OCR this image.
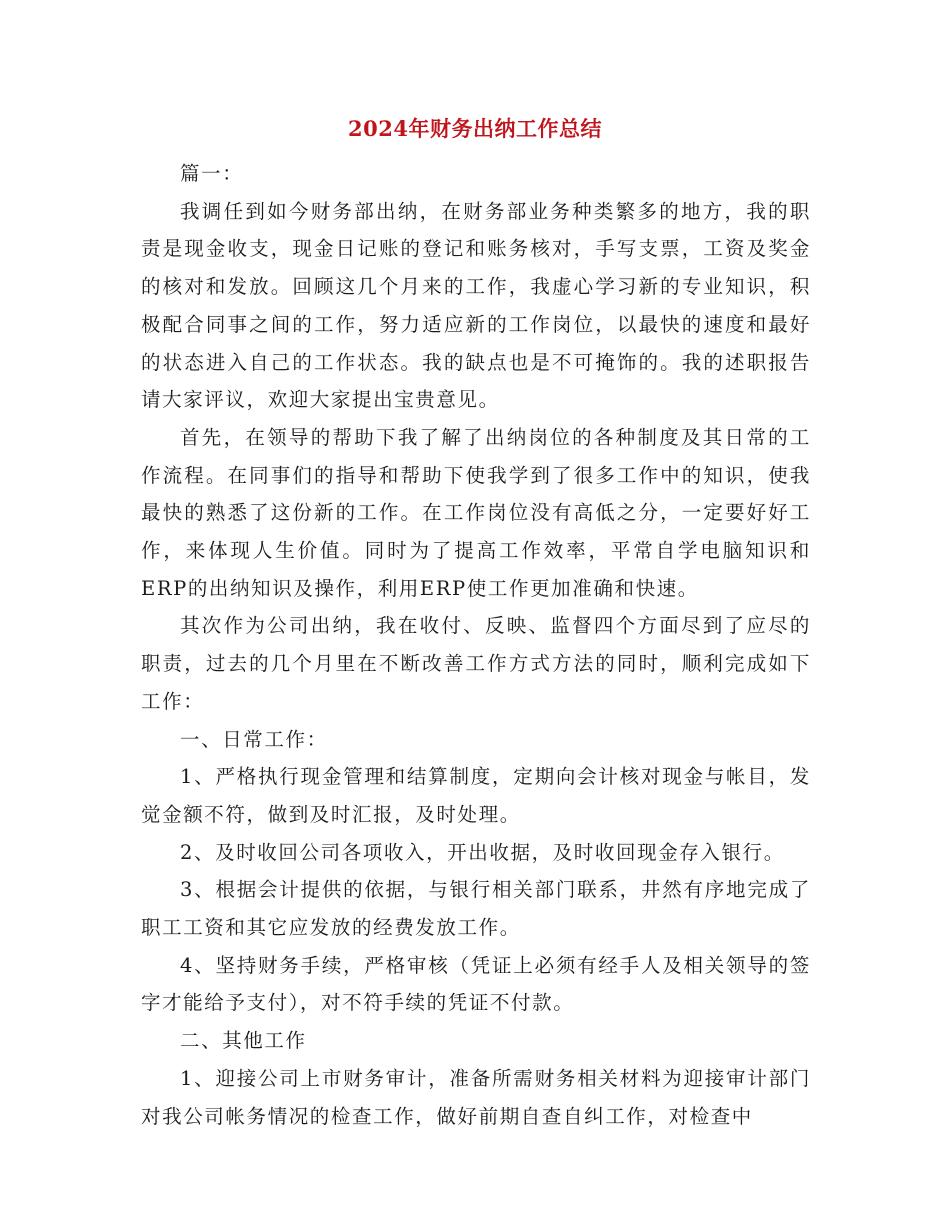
2024年财务出纳工作总结

篇一：

我调任到如今财务部出纳，在财务部业务种类繁多的地方，我的职责是现金收支，现金日记账的登记和账务核对，手写支票，工资及奖金的核对和发放。回顾这几个月来的工作，我虚心学习新的专业知识，积极配合同事之间的工作，努力适应新的工作岗位，以最快的速度和最好的状态进入自己的工作状态。我的缺点也是不可掩饰的。我的述职报告请大家评议，欢迎大家提出宝贵意见。

首先，在领导的帮助下我了解了出纳岗位的各种制度及其日常的工作流程。在同事们的指导和帮助下使我学到了很多工作中的知识，使我最快的熟悉了这份新的工作。在工作岗位没有高低之分，一定要好好工作，来体现人生价值。同时为了提高工作效率，平常自学电脑知识和ERP的出纳知识及操作，利用ERP使工作更加准确和快速。

其次作为公司出纳，我在收付、反映、监督四个方面尽到了应尽的职责，过去的几个月里在不断改善工作方式方法的同时，顺利完成如下工作：

一、日常工作：

1、严格执行现金管理和结算制度，定期向会计核对现金与帐目，发觉金额不符，做到及时汇报，及时处理。

2、及时收回公司各项收入，开出收据，及时收回现金存入银行。

3、根据会计提供的依据，与银行相关部门联系，井然有序地完成了职工工资和其它应发放的经费发放工作。

4、坚持财务手续，严格审核（凭证上必须有经手人及相关领导的签字才能给予支付），对不符手续的凭证不付款。

二、其他工作

1、迎接公司上市财务审计，准备所需财务相关材料为迎接审计部门对我公司帐务情况的检查工作，做好前期自查自纠工作，对检查中
